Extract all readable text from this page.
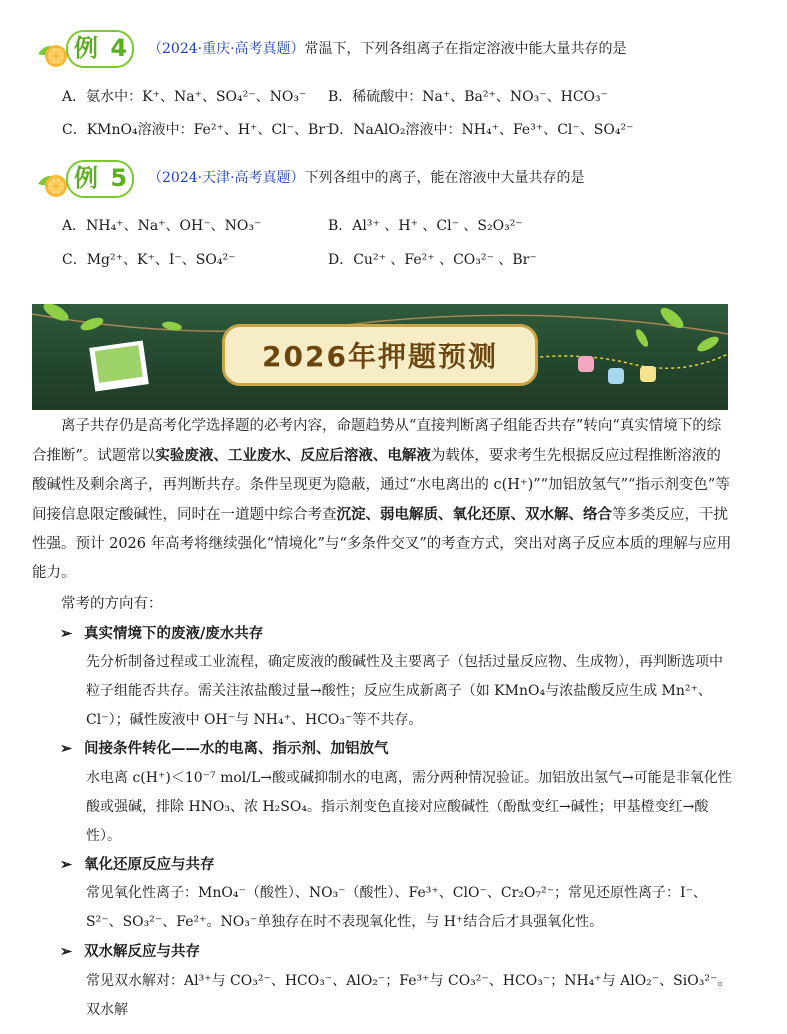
例 4 （2024·重庆·高考真题）常温下，下列各组离子在指定溶液中能大量共存的是
A．氨水中：K⁺、Na⁺、SO₄²⁻、NO₃⁻ B．稀硫酸中：Na⁺、Ba²⁺、NO₃⁻、HCO₃⁻
C．KMnO₄溶液中：Fe²⁺、H⁺、Cl⁻、Br⁻
D．NaAlO₂溶液中：NH₄⁺、Fe³⁺、Cl⁻、SO₄²⁻
例 5 （2024·天津·高考真题）下列各组中的离子，能在溶液中大量共存的是
A．NH₄⁺、Na⁺、OH⁻、NO₃⁻	B．Al³⁺ 、H⁺ 、Cl⁻ 、S₂O₃²⁻
C．Mg²⁺、K⁺、I⁻、SO₄²⁻	D．Cu²⁺ 、Fe²⁺ 、CO₃²⁻ 、Br⁻
2026年押题预测

离子共存仍是高考化学选择题的必考内容，命题趋势从“直接判断离子组能否共存”转向“真实情境下的综合推断”。试题常以实验废液、工业废水、反应后溶液、电解液为载体，要求考生先根据反应过程推断溶液的酸碱性及剩余离子，再判断共存。条件呈现更为隐蔽，通过“水电离出的 c(H⁺)”“加铝放氢气”“指示剂变色”等间接信息限定酸碱性，同时在一道题中综合考查沉淀、弱电解质、氧化还原、双水解、络合等多类反应，干扰性强。预计 2026 年高考将继续强化“情境化”与“多条件交叉”的考查方式，突出对离子反应本质的理解与应用能力。

常考的方向有：
➢ 真实情境下的废液/废水共存
先分析制备过程或工业流程，确定废液的酸碱性及主要离子（包括过量反应物、生成物），再判断选项中粒子组能否共存。需关注浓盐酸过量→酸性；反应生成新离子（如 KMnO₄与浓盐酸反应生成 Mn²⁺、Cl⁻）；碱性废液中 OH⁻与 NH₄⁺、HCO₃⁻等不共存。
➢ 间接条件转化——水的电离、指示剂、加铝放气
水电离 c(H⁺)＜10⁻⁷ mol/L→酸或碱抑制水的电离，需分两种情况验证。加铝放出氢气→可能是非氧化性酸或强碱，排除 HNO₃、浓 H₂SO₄。指示剂变色直接对应酸碱性（酚酞变红→碱性；甲基橙变红→酸性）。
➢ 氧化还原反应与共存
常见氧化性离子：MnO₄⁻（酸性）、NO₃⁻（酸性）、Fe³⁺、ClO⁻、Cr₂O₇²⁻；常见还原性离子：I⁻、S²⁻、SO₃²⁻、Fe²⁺。NO₃⁻单独存在时不表现氧化性，与 H⁺结合后才具强氧化性。
➢ 双水解反应与共存
常见双水解对：Al³⁺与 CO₃²⁻、HCO₃⁻、AlO₂⁻；Fe³⁺与 CO₃²⁻、HCO₃⁻；NH₄⁺与 AlO₂⁻、SiO₃²⁻。双水解
